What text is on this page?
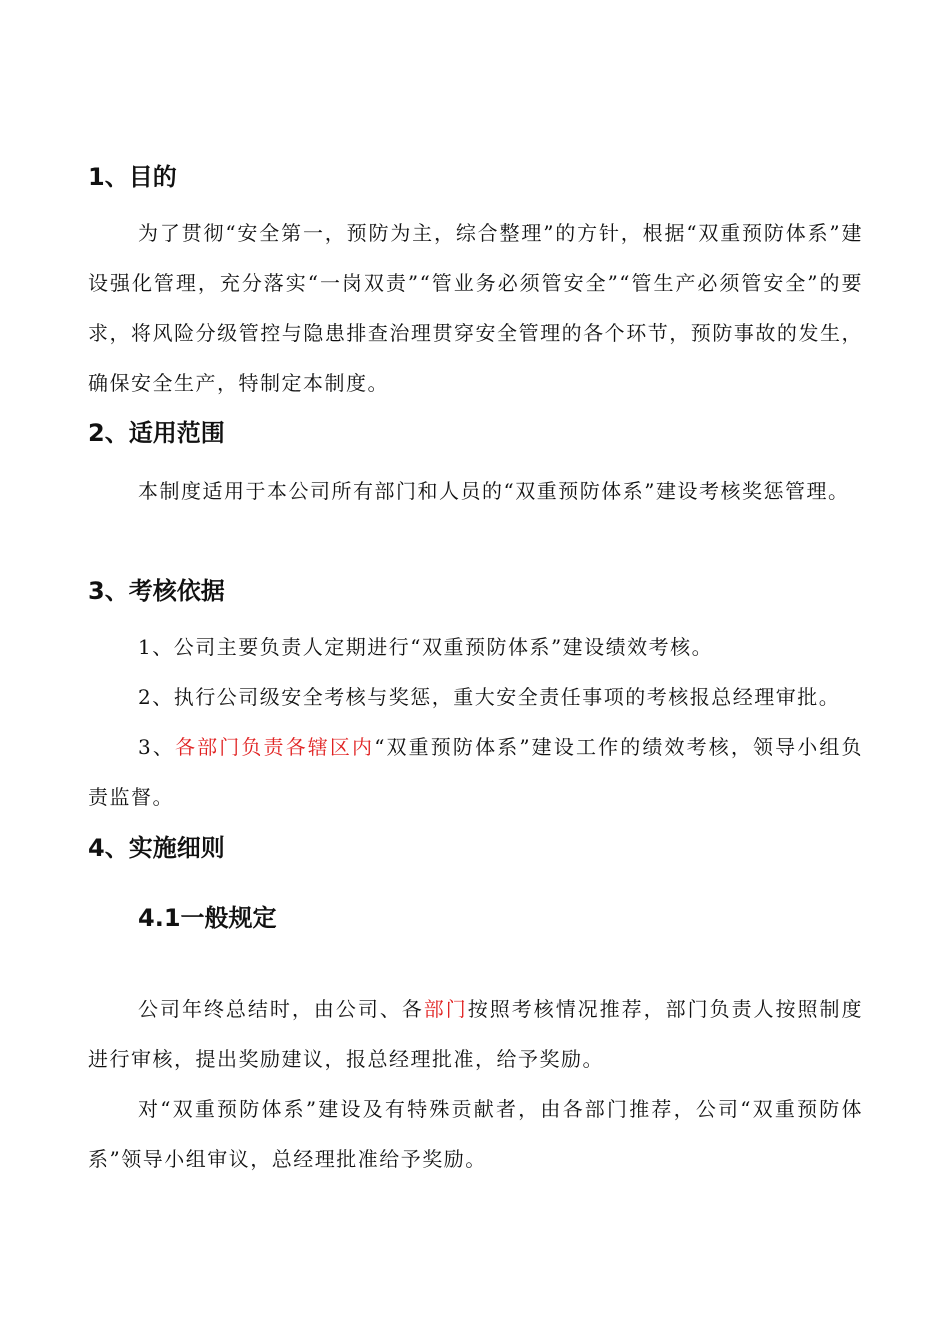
1、目的

为了贯彻“安全第一，预防为主，综合整理”的方针，根据“双重预防体系”建设强化管理，充分落实“一岗双责”“管业务必须管安全”“管生产必须管安全”的要求，将风险分级管控与隐患排查治理贯穿安全管理的各个环节，预防事故的发生，确保安全生产，特制定本制度。

2、适用范围

本制度适用于本公司所有部门和人员的“双重预防体系”建设考核奖惩管理。

3、考核依据

1、公司主要负责人定期进行“双重预防体系”建设绩效考核。

2、执行公司级安全考核与奖惩，重大安全责任事项的考核报总经理审批。

3、各部门负责各辖区内“双重预防体系”建设工作的绩效考核，领导小组负责监督。

4、实施细则
4.1一般规定

公司年终总结时，由公司、各部门按照考核情况推荐，部门负责人按照制度进行审核，提出奖励建议，报总经理批准，给予奖励。

对“双重预防体系”建设及有特殊贡献者，由各部门推荐，公司“双重预防体系”领导小组审议，总经理批准给予奖励。
